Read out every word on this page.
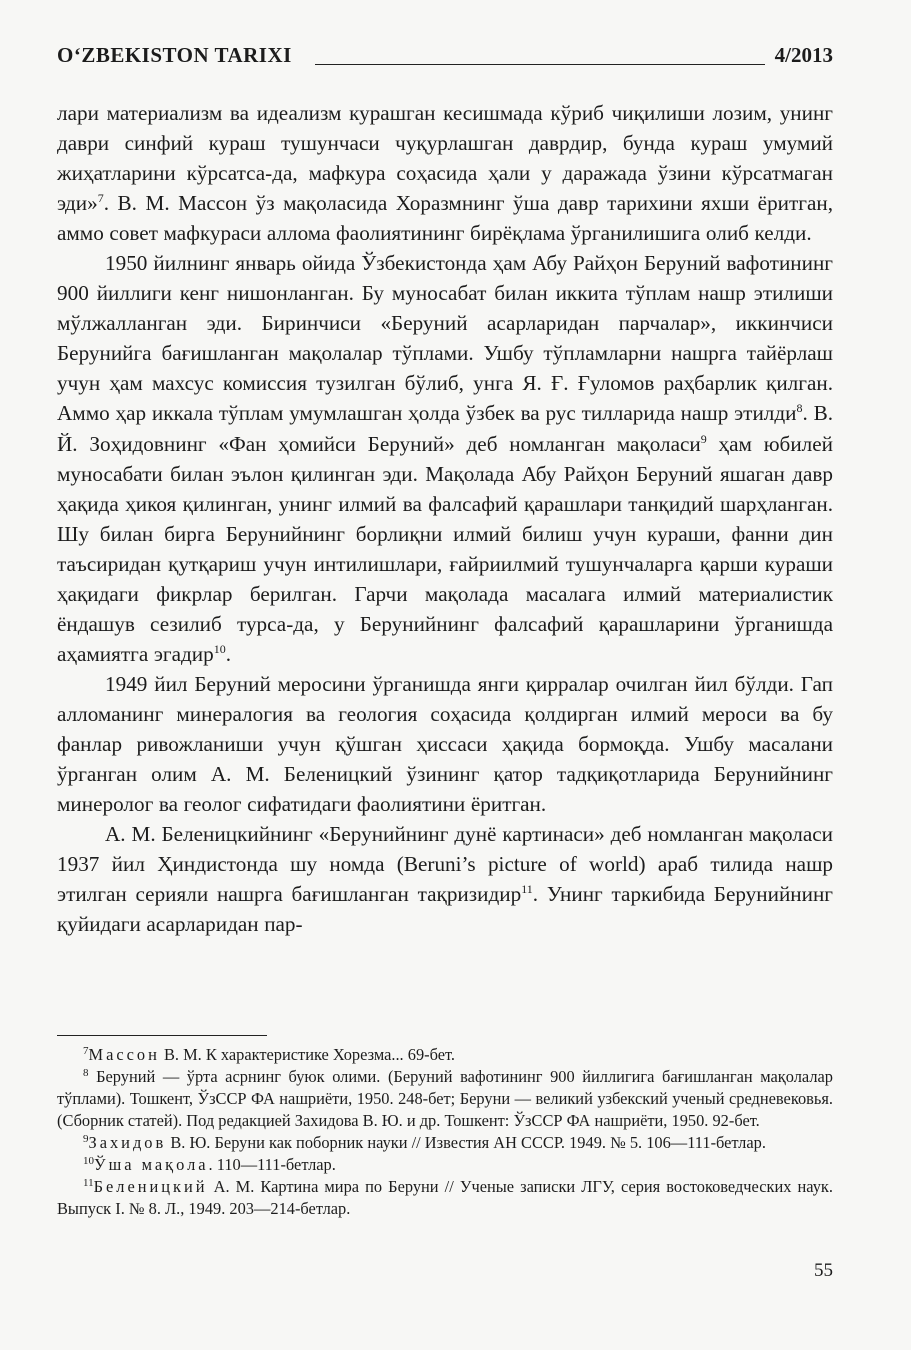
O‘ZBEKISTON TARIXI	4/2013

лари материализм ва идеализм курашган кесишмада кўриб чиқилиши лозим, унинг даври синфий кураш тушунчаси чуқурлашган даврдир, бунда кураш умумий жиҳатларини кўрсатса-да, мафкура соҳасида ҳали у даражада ўзини кўрсатмаган эди»$^7$. В. М. Массон ўз мақоласида Хоразмнинг ўша давр тарихини яхши ёритган, аммо совет мафкураси аллома фаолиятининг бирёқлама ўрганилишига олиб келди.

1950 йилнинг январь ойида Ўзбекистонда ҳам Абу Райҳон Беруний вафотининг 900 йиллиги кенг нишонланган. Бу муносабат билан иккита тўплам нашр этилиши мўлжалланган эди. Биринчиси «Беруний асарларидан парчалар», иккинчиси Берунийга бағишланган мақолалар тўплами. Ушбу тўпламларни нашрга тайёрлаш учун ҳам махсус комиссия тузилган бўлиб, унга Я. Ғ. Ғуломов раҳбарлик қилган. Аммо ҳар иккала тўплам умумлашган ҳолда ўзбек ва рус тилларида нашр этилди$^8$. В. Й. Зоҳидовнинг «Фан ҳомийси Беруний» деб номланган мақоласи$^9$ ҳам юбилей муносабати билан эълон қилинган эди. Мақолада Абу Райҳон Беруний яшаган давр ҳақида ҳикоя қилинган, унинг илмий ва фалсафий қарашлари танқидий шарҳланган. Шу билан бирга Берунийнинг борлиқни илмий билиш учун кураши, фанни дин таъсиридан қутқариш учун интилишлари, ғайриилмий тушунчаларга қарши кураши ҳақидаги фикрлар берилган. Гарчи мақолада масалага илмий материалистик ёндашув сезилиб турса-да, у Берунийнинг фалсафий қарашларини ўрганишда аҳамиятга эгадир$^{10}$.

1949 йил Беруний меросини ўрганишда янги қирралар очилган йил бўлди. Гап алломанинг минералогия ва геология соҳасида қолдирган илмий мероси ва бу фанлар ривожланиши учун қўшган ҳиссаси ҳақида бормоқда. Ушбу масалани ўрганган олим А. М. Беленицкий ўзининг қатор тадқиқотларида Берунийнинг минеролог ва геолог сифатидаги фаолиятини ёритган.

А. М. Беленицкийнинг «Берунийнинг дунё картинаси» деб номланган мақоласи 1937 йил Ҳиндистонда шу номда (Beruni’s picture of world) араб тилида нашр этилган серияли нашрга бағишланган тақризидир$^{11}$. Унинг таркибида Берунийнинг қуйидаги асарларидан пар-

$^7$Массон В. М. К характеристике Хорезма... 69-бет.

$^8$ Беруний — ўрта асрнинг буюк олими. (Беруний вафотининг 900 йиллигига бағишланган мақолалар тўплами). Тошкент, ЎзССР ФА нашриёти, 1950. 248-бет; Беруни — великий узбекский ученый средневековья. (Сборник статей). Под редакцией Захидова В. Ю. и др. Тошкент: ЎзССР ФА нашриёти, 1950. 92-бет.

$^9$Захидов В. Ю. Беруни как поборник науки // Известия АН СССР. 1949. № 5. 106—111-бетлар.

$^{10}$Ўша мақола. 110—111-бетлар.

$^{11}$Беленицкий А. М. Картина мира по Беруни // Ученые записки ЛГУ, серия востоковедческих наук. Выпуск I. № 8. Л., 1949. 203—214-бетлар.

55
